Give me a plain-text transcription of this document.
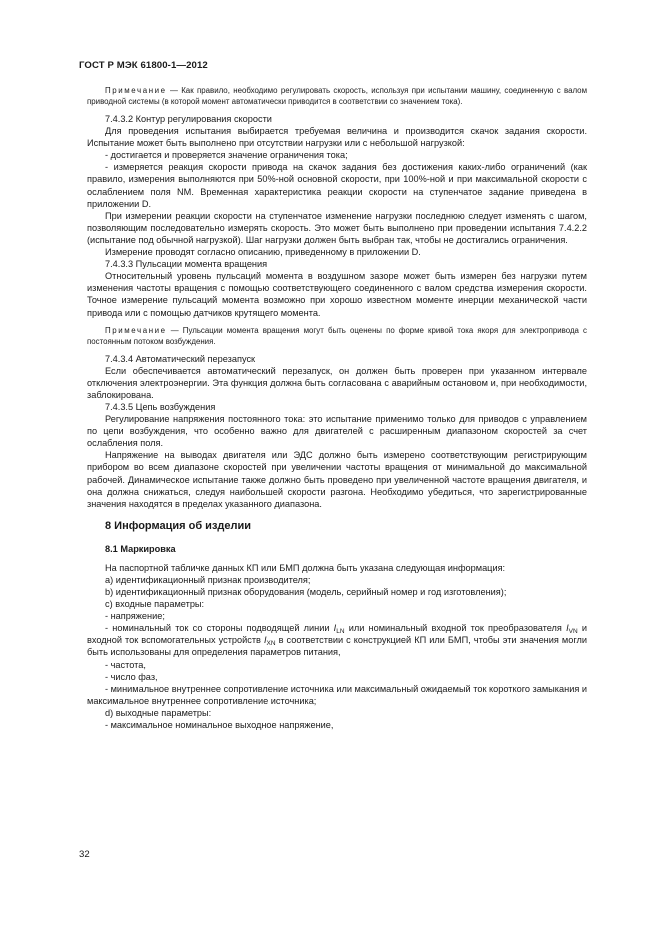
ГОСТ Р МЭК 61800-1—2012

Примечание — Как правило, необходимо регулировать скорость, используя при испытании машину, соединенную с валом приводной системы (в которой момент автоматически приводится в соответствии со значением тока).

7.4.3.2 Контур регулирования скорости

Для проведения испытания выбирается требуемая величина и производится скачок задания скорости. Испытание может быть выполнено при отсутствии нагрузки или с небольшой нагрузкой:

- достигается и проверяется значение ограничения тока;

- измеряется реакция скорости привода на скачок задания без достижения каких-либо ограничений (как правило, измерения выполняются при 50%-ной основной скорости, при 100%-ной и при максимальной скорости с ослаблением поля NM. Временная характеристика реакции скорости на ступенчатое задание приведена в приложении D.

При измерении реакции скорости на ступенчатое изменение нагрузки последнюю следует изменять с шагом, позволяющим последовательно измерять скорость. Это может быть выполнено при проведении испытания 7.4.2.2 (испытание под обычной нагрузкой). Шаг нагрузки должен быть выбран так, чтобы не достигались ограничения.

Измерение проводят согласно описанию, приведенному в приложении D.

7.4.3.3 Пульсации момента вращения

Относительный уровень пульсаций момента в воздушном зазоре может быть измерен без нагрузки путем изменения частоты вращения с помощью соответствующего соединенного с валом средства измерения скорости. Точное измерение пульсаций момента возможно при хорошо известном моменте инерции механической части привода или с помощью датчиков крутящего момента.

Примечание — Пульсации момента вращения могут быть оценены по форме кривой тока якоря для электропривода с постоянным потоком возбуждения.

7.4.3.4 Автоматический перезапуск

Если обеспечивается автоматический перезапуск, он должен быть проверен при указанном интервале отключения электроэнергии. Эта функция должна быть согласована с аварийным остановом и, при необходимости, заблокирована.

7.4.3.5 Цепь возбуждения

Регулирование напряжения постоянного тока: это испытание применимо только для приводов с управлением по цепи возбуждения, что особенно важно для двигателей с расширенным диапазоном скоростей за счет ослабления поля.

Напряжение на выводах двигателя или ЭДС должно быть измерено соответствующим регистрирующим прибором во всем диапазоне скоростей при увеличении частоты вращения от минимальной до максимальной рабочей. Динамическое испытание также должно быть проведено при увеличенной частоте вращения двигателя, и она должна снижаться, следуя наибольшей скорости разгона. Необходимо убедиться, что зарегистрированные значения находятся в пределах указанного диапазона.

8 Информация об изделии

8.1 Маркировка

На паспортной табличке данных КП или БМП должна быть указана следующая информация:

a) идентификационный признак производителя;

b) идентификационный признак оборудования (модель, серийный номер и год изготовления);

c) входные параметры:

- напряжение;

- номинальный ток со стороны подводящей линии $I_{LN}$ или номинальный входной ток преобразователя $I_{VN}$ и входной ток вспомогательных устройств $I_{XN}$ в соответствии с конструкцией КП или БМП, чтобы эти значения могли быть использованы для определения параметров питания,

- частота,

- число фаз,

- минимальное внутреннее сопротивление источника или максимальный ожидаемый ток короткого замыкания и максимальное внутреннее сопротивление источника;

d) выходные параметры:

- максимальное номинальное выходное напряжение,

32
